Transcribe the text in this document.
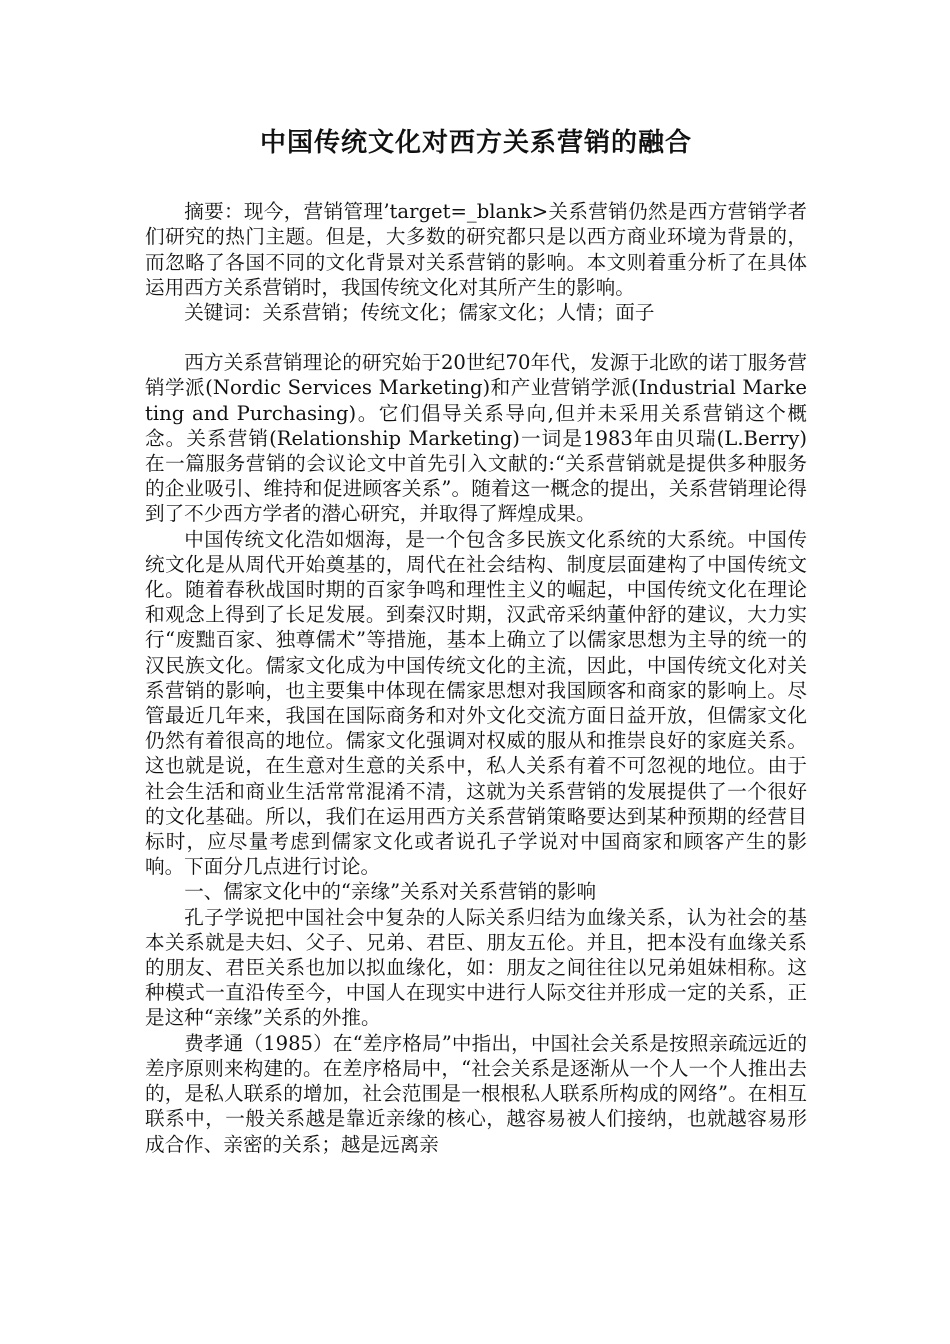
中国传统文化对西方关系营销的融合

摘要：现今，营销管理’target=_blank>关系营销仍然是西方营销学者们研究的热门主题。但是，大多数的研究都只是以西方商业环境为背景的，而忽略了各国不同的文化背景对关系营销的影响。本文则着重分析了在具体运用西方关系营销时，我国传统文化对其所产生的影响。

关键词：关系营销；传统文化；儒家文化；人情；面子

西方关系营销理论的研究始于20世纪70年代，发源于北欧的诺丁服务营销学派(Nordic Services Marketing)和产业营销学派(Industrial Marketing and Purchasing)。它们倡导关系导向,但并未采用关系营销这个概念。关系营销(Relationship Marketing)一词是1983年由贝瑞(L.Berry)在一篇服务营销的会议论文中首先引入文献的:“关系营销就是提供多种服务的企业吸引、维持和促进顾客关系”。随着这一概念的提出，关系营销理论得到了不少西方学者的潜心研究，并取得了辉煌成果。

中国传统文化浩如烟海，是一个包含多民族文化系统的大系统。中国传统文化是从周代开始奠基的，周代在社会结构、制度层面建构了中国传统文化。随着春秋战国时期的百家争鸣和理性主义的崛起，中国传统文化在理论和观念上得到了长足发展。到秦汉时期，汉武帝采纳董仲舒的建议，大力实行“废黜百家、独尊儒术”等措施，基本上确立了以儒家思想为主导的统一的汉民族文化。儒家文化成为中国传统文化的主流，因此，中国传统文化对关系营销的影响，也主要集中体现在儒家思想对我国顾客和商家的影响上。尽管最近几年来，我国在国际商务和对外文化交流方面日益开放，但儒家文化仍然有着很高的地位。儒家文化强调对权威的服从和推崇良好的家庭关系。这也就是说，在生意对生意的关系中，私人关系有着不可忽视的地位。由于社会生活和商业生活常常混淆不清，这就为关系营销的发展提供了一个很好的文化基础。所以，我们在运用西方关系营销策略要达到某种预期的经营目标时，应尽量考虑到儒家文化或者说孔子学说对中国商家和顾客产生的影响。下面分几点进行讨论。

一、儒家文化中的“亲缘”关系对关系营销的影响

孔子学说把中国社会中复杂的人际关系归结为血缘关系，认为社会的基本关系就是夫妇、父子、兄弟、君臣、朋友五伦。并且，把本没有血缘关系的朋友、君臣关系也加以拟血缘化，如：朋友之间往往以兄弟姐妹相称。这种模式一直沿传至今，中国人在现实中进行人际交往并形成一定的关系，正是这种“亲缘”关系的外推。

费孝通（1985）在“差序格局”中指出，中国社会关系是按照亲疏远近的差序原则来构建的。在差序格局中，“社会关系是逐渐从一个人一个人推出去的，是私人联系的增加，社会范围是一根根私人联系所构成的网络”。在相互联系中，一般关系越是靠近亲缘的核心，越容易被人们接纳，也就越容易形成合作、亲密的关系；越是远离亲
